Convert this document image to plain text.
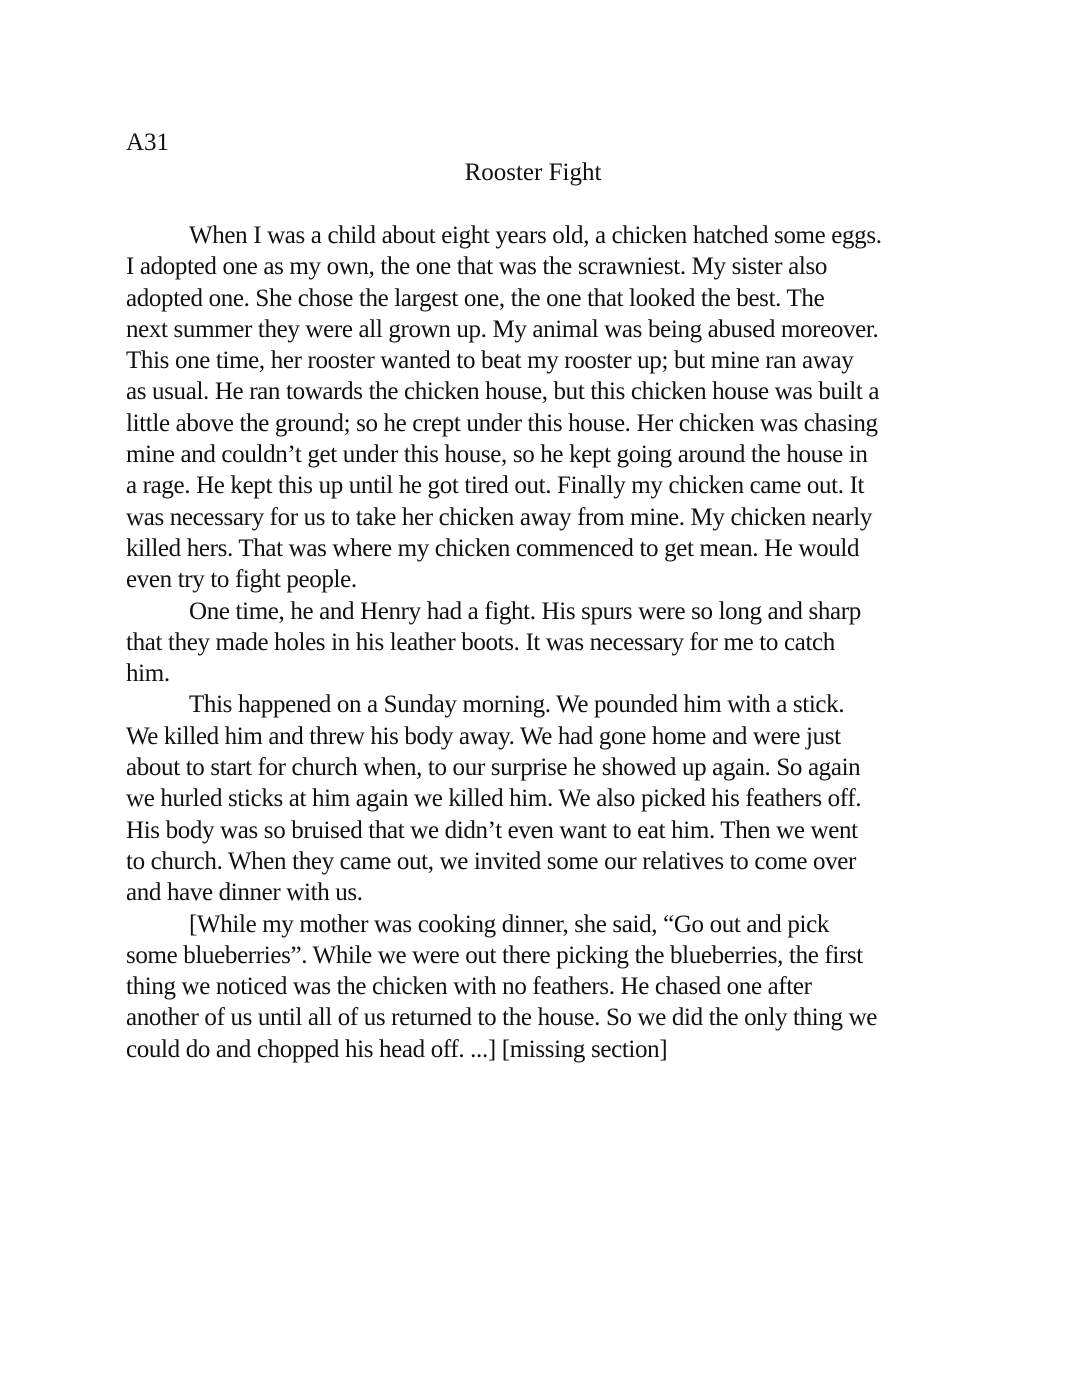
A31
Rooster Fight
When I was a child about eight years old, a chicken hatched some eggs.
I adopted one as my own, the one that was the scrawniest. My sister also
adopted one. She chose the largest one, the one that looked the best. The
next summer they were all grown up. My animal was being abused moreover.
This one time, her rooster wanted to beat my rooster up; but mine ran away
as usual. He ran towards the chicken house, but this chicken house was built a
little above the ground; so he crept under this house. Her chicken was chasing
mine and couldn’t get under this house, so he kept going around the house in
a rage. He kept this up until he got tired out. Finally my chicken came out. It
was necessary for us to take her chicken away from mine. My chicken nearly
killed hers. That was where my chicken commenced to get mean. He would
even try to fight people.
One time, he and Henry had a fight. His spurs were so long and sharp
that they made holes in his leather boots. It was necessary for me to catch
him.
This happened on a Sunday morning. We pounded him with a stick.
We killed him and threw his body away. We had gone home and were just
about to start for church when, to our surprise he showed up again. So again
we hurled sticks at him again we killed him. We also picked his feathers off.
His body was so bruised that we didn’t even want to eat him. Then we went
to church. When they came out, we invited some our relatives to come over
and have dinner with us.
[While my mother was cooking dinner, she said, “Go out and pick
some blueberries”. While we were out there picking the blueberries, the first
thing we noticed was the chicken with no feathers. He chased one after
another of us until all of us returned to the house. So we did the only thing we
could do and chopped his head off. ...] [missing section]
